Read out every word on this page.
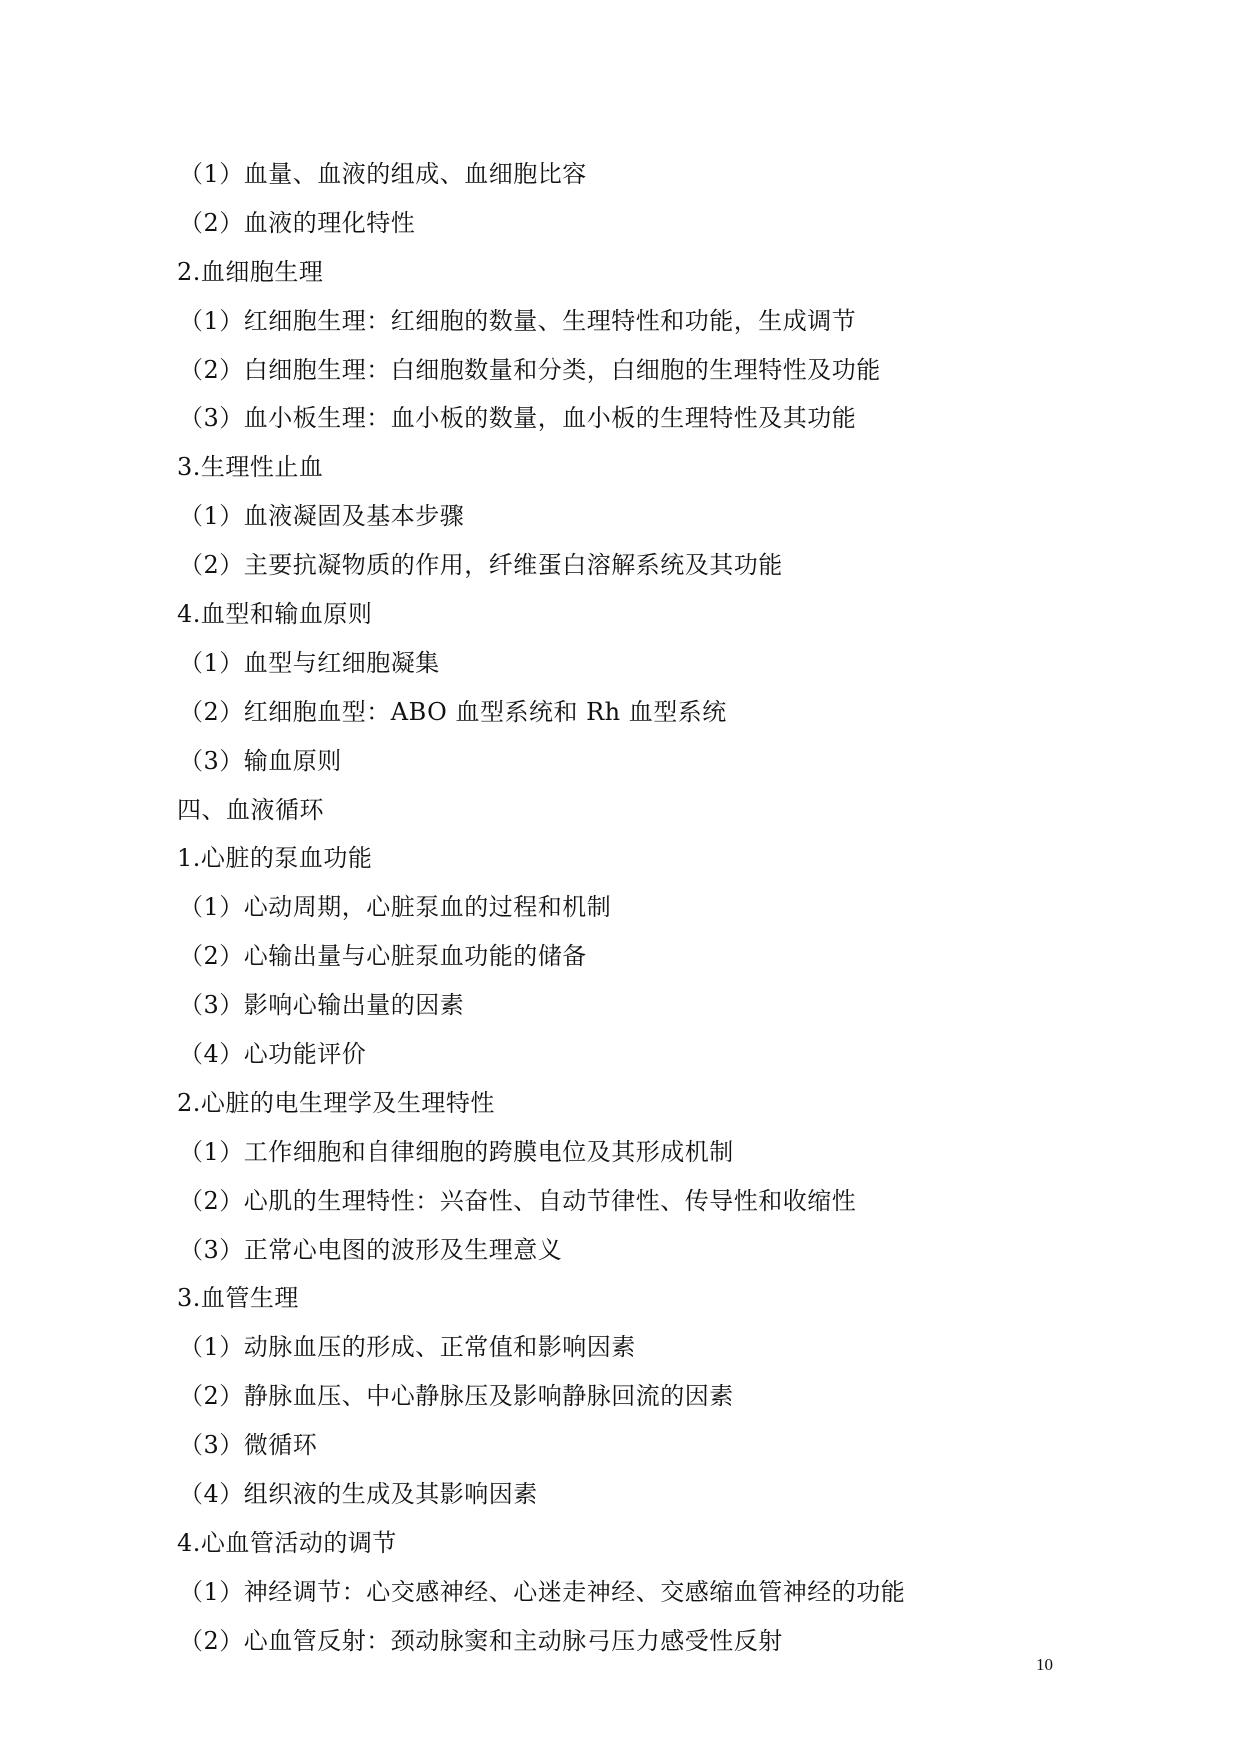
（1）血量、血液的组成、血细胞比容
（2）血液的理化特性
2.血细胞生理
（1）红细胞生理：红细胞的数量、生理特性和功能，生成调节
（2）白细胞生理：白细胞数量和分类，白细胞的生理特性及功能
（3）血小板生理：血小板的数量，血小板的生理特性及其功能
3.生理性止血
（1）血液凝固及基本步骤
（2）主要抗凝物质的作用，纤维蛋白溶解系统及其功能
4.血型和输血原则
（1）血型与红细胞凝集
（2）红细胞血型：ABO 血型系统和 Rh 血型系统
（3）输血原则
四、血液循环
1.心脏的泵血功能
（1）心动周期，心脏泵血的过程和机制
（2）心输出量与心脏泵血功能的储备
（3）影响心输出量的因素
（4）心功能评价
2.心脏的电生理学及生理特性
（1）工作细胞和自律细胞的跨膜电位及其形成机制
（2）心肌的生理特性：兴奋性、自动节律性、传导性和收缩性
（3）正常心电图的波形及生理意义
3.血管生理
（1）动脉血压的形成、正常值和影响因素
（2）静脉血压、中心静脉压及影响静脉回流的因素
（3）微循环
（4）组织液的生成及其影响因素
4.心血管活动的调节
（1）神经调节：心交感神经、心迷走神经、交感缩血管神经的功能
（2）心血管反射：颈动脉窦和主动脉弓压力感受性反射
10
